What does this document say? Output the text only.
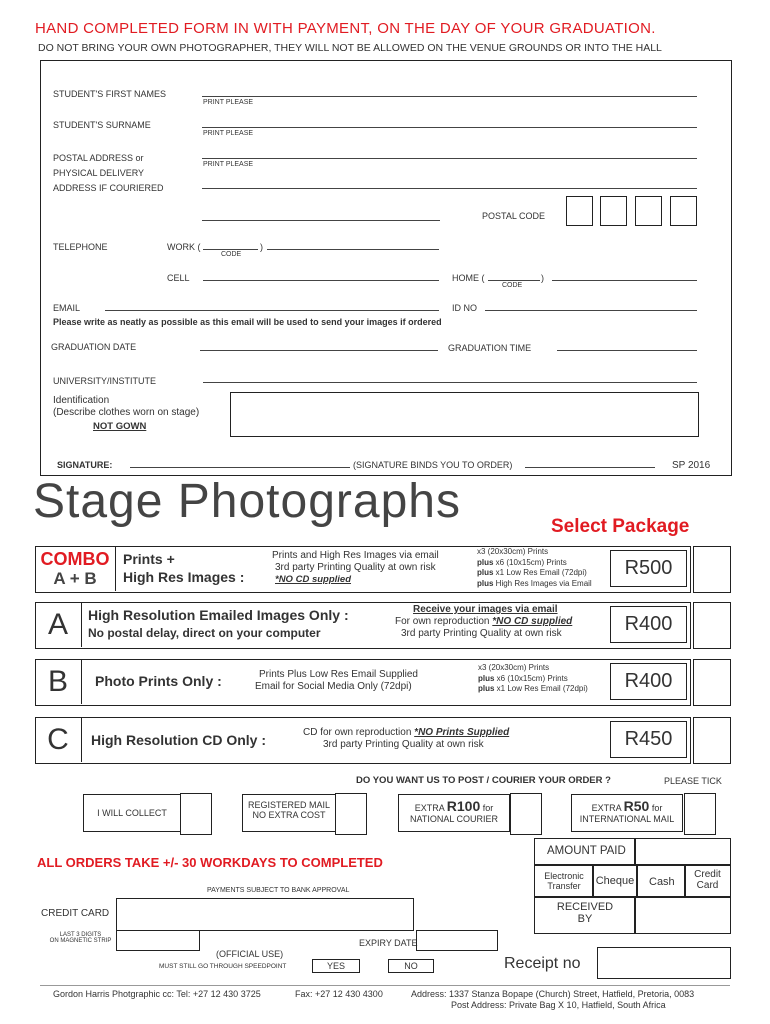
HAND COMPLETED FORM IN WITH PAYMENT, ON THE DAY OF YOUR GRADUATION.
DO NOT BRING YOUR OWN PHOTOGRAPHER, THEY WILL NOT BE ALLOWED ON THE VENUE GROUNDS OR INTO THE HALL
STUDENT'S FIRST NAMES
PRINT PLEASE
STUDENT'S SURNAME
PRINT PLEASE
POSTAL ADDRESS or
PHYSICAL DELIVERY
ADDRESS IF COURIERED
PRINT PLEASE
POSTAL CODE
TELEPHONE	WORK (	)
CODE
CELL	HOME (	)
CODE
EMAIL	ID NO
Please write as neatly as possible as this email will be used to send your images if ordered
GRADUATION DATE	GRADUATION TIME
UNIVERSITY/INSTITUTE
Identification
(Describe clothes worn on stage)
NOT GOWN
SIGNATURE:	(SIGNATURE BINDS YOU TO ORDER)	SP 2016
Stage Photographs	Select Package
COMBO
A + B
Prints +
High Res Images :
Prints and High Res Images via email
3rd party Printing Quality at own risk
*NO CD supplied
x3 (20x30cm) Prints
plus x6 (10x15cm) Prints
plus x1 Low Res Email (72dpi)
plus High Res Images via Email
R500
A	High Resolution Emailed Images Only :
No postal delay, direct on your computer
Receive your images via email
For own reproduction *NO CD supplied
3rd party Printing Quality at own risk	R400
B	Photo Prints Only :	Prints Plus Low Res Email Supplied
Email for Social Media Only (72dpi)
x3 (20x30cm) Prints
plus x6 (10x15cm) Prints
plus x1 Low Res Email (72dpi)	R400
C	High Resolution CD Only :	CD for own reproduction *NO Prints Supplied
3rd party Printing Quality at own risk	R450
DO YOU WANT US TO POST / COURIER YOUR ORDER ?	PLEASE TICK
I WILL COLLECT
REGISTERED MAIL
NO EXTRA COST
EXTRA R100 for
NATIONAL COURIER
EXTRA R50 for
INTERNATIONAL MAIL
ALL ORDERS TAKE +/- 30 WORKDAYS TO COMPLETED
AMOUNT PAID
Electronic
Transfer	Cheque	Cash
Credit
Card
PAYMENTS SUBJECT TO BANK APPROVAL
CREDIT CARD
RECEIVED
BY
LAST 3 DIGITS
ON MAGNETIC STRIP	EXPIRY DATE
(OFFICIAL USE)
MUST STILL GO THROUGH SPEEDPOINT	YES	NO	Receipt no
Gordon Harris Photgraphic cc: Tel: +27 12 430 3725	Fax: +27 12 430 4300	Address: 1337 Stanza Bopape (Church) Street, Hatfield, Pretoria, 0083
Post Address: Private Bag X 10, Hatfield, South Africa
